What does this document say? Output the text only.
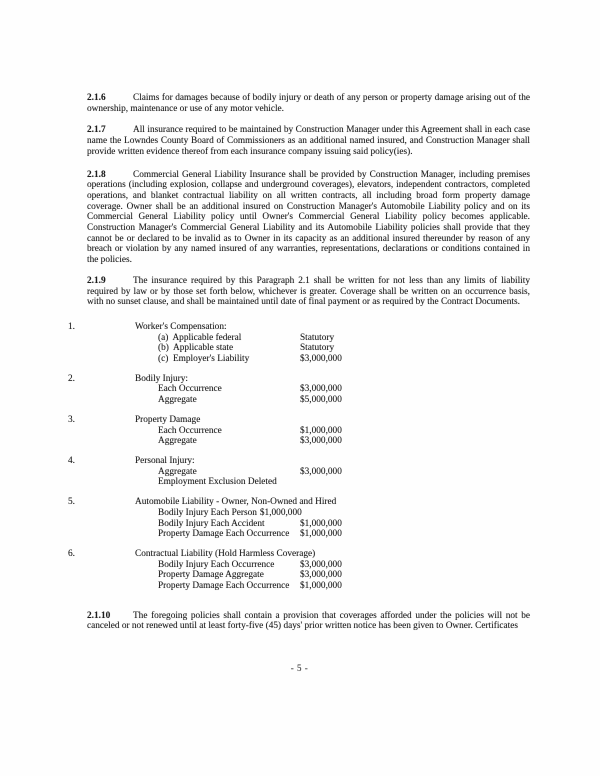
2.1.6	Claims for damages because of bodily injury or death of any person or property damage arising out of the ownership, maintenance or use of any motor vehicle.
2.1.7	All insurance required to be maintained by Construction Manager under this Agreement shall in each case name the Lowndes County Board of Commissioners as an additional named insured, and Construction Manager shall provide written evidence thereof from each insurance company issuing said policy(ies).
2.1.8	Commercial General Liability Insurance shall be provided by Construction Manager, including premises operations (including explosion, collapse and underground coverages), elevators, independent contractors, completed operations, and blanket contractual liability on all written contracts, all including broad form property damage coverage. Owner shall be an additional insured on Construction Manager's Automobile Liability policy and on its Commercial General Liability policy until Owner's Commercial General Liability policy becomes applicable. Construction Manager's Commercial General Liability and its Automobile Liability policies shall provide that they cannot be or declared to be invalid as to Owner in its capacity as an additional insured thereunder by reason of any breach or violation by any named insured of any warranties, representations, declarations or conditions contained in the policies.
2.1.9	The insurance required by this Paragraph 2.1 shall be written for not less than any limits of liability required by law or by those set forth below, whichever is greater. Coverage shall be written on an occurrence basis, with no sunset clause, and shall be maintained until date of final payment or as required by the Contract Documents.
1.	Worker's Compensation:
(a)  Applicable federal	Statutory
(b)  Applicable state	Statutory
(c)  Employer's Liability	$3,000,000
2.	Bodily Injury:
Each Occurrence	$3,000,000
Aggregate	$5,000,000
3.	Property Damage
Each Occurrence	$1,000,000
Aggregate	$3,000,000
4.	Personal Injury:
Aggregate	$3,000,000
Employment Exclusion Deleted
5.	Automobile Liability - Owner, Non-Owned and Hired
Bodily Injury Each Person $1,000,000
Bodily Injury Each Accident	$1,000,000
Property Damage Each Occurrence	$1,000,000
6.	Contractual Liability (Hold Harmless Coverage)
Bodily Injury Each Occurrence	$3,000,000
Property Damage Aggregate	$3,000,000
Property Damage Each Occurrence	$1,000,000
2.1.10 The foregoing policies shall contain a provision that coverages afforded under the policies will not be canceled or not renewed until at least forty-five (45) days' prior written notice has been given to Owner. Certificates
- 5 -
